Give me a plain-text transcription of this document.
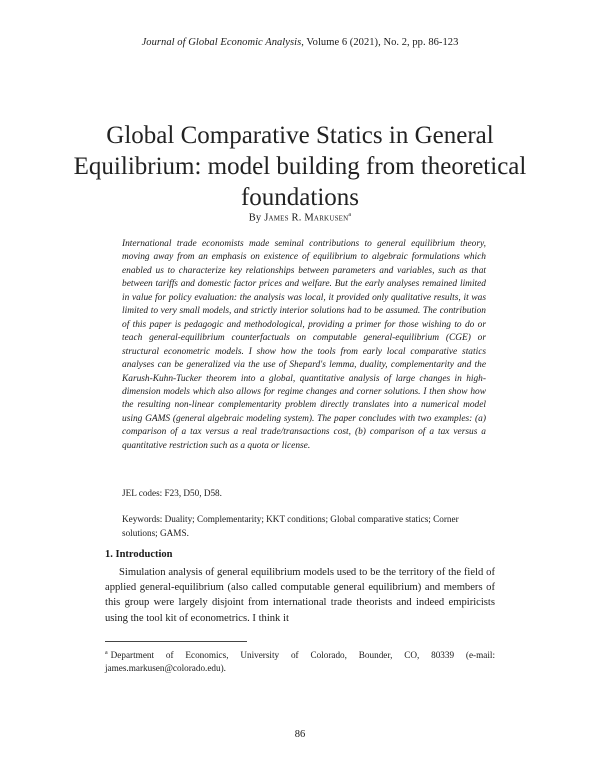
Journal of Global Economic Analysis, Volume 6 (2021), No. 2, pp. 86-123
Global Comparative Statics in General Equilibrium: model building from theoretical foundations
By James R. Markusen$^a$

International trade economists made seminal contributions to general equilibrium theory, moving away from an emphasis on existence of equilibrium to algebraic formulations which enabled us to characterize key relationships between parameters and variables, such as that between tariffs and domestic factor prices and welfare. But the early analyses remained limited in value for policy evaluation: the analysis was local, it provided only qualitative results, it was limited to very small models, and strictly interior solutions had to be assumed. The contribution of this paper is pedagogic and methodological, providing a primer for those wishing to do or teach general-equilibrium counterfactuals on computable general-equilibrium (CGE) or structural econometric models. I show how the tools from early local comparative statics analyses can be generalized via the use of Shepard's lemma, duality, complementarity and the Karush-Kuhn-Tucker theorem into a global, quantitative analysis of large changes in high-dimension models which also allows for regime changes and corner solutions. I then show how the resulting non-linear complementarity problem directly translates into a numerical model using GAMS (general algebraic modeling system). The paper concludes with two examples: (a) comparison of a tax versus a real trade/transactions cost, (b) comparison of a tax versus a quantitative restriction such as a quota or license.

JEL codes: F23, D50, D58.

Keywords: Duality; Complementarity; KKT conditions; Global comparative statics; Corner solutions; GAMS.

1. Introduction

Simulation analysis of general equilibrium models used to be the territory of the field of applied general-equilibrium (also called computable general equilibrium) and members of this group were largely disjoint from international trade theorists and indeed empiricists using the tool kit of econometrics. I think it

$^a$ Department of Economics, University of Colorado, Bounder, CO, 80339 (e-mail: james.markusen@colorado.edu).

86
